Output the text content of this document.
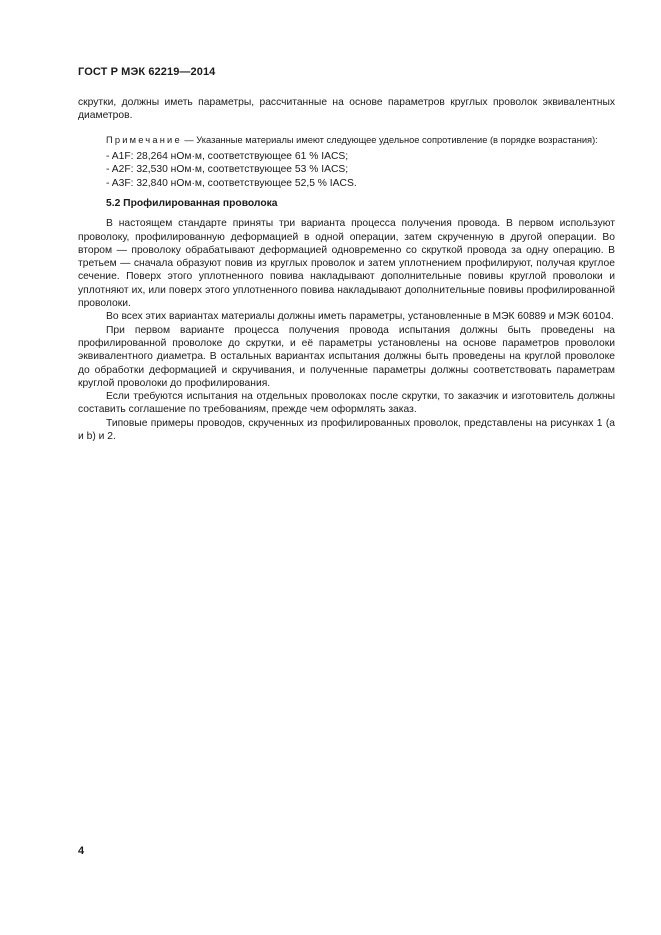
ГОСТ Р МЭК 62219—2014

скрутки, должны иметь параметры, рассчитанные на основе параметров круглых проволок эквивалентных диаметров.

Примечание — Указанные материалы имеют следующее удельное сопротивление (в порядке возрастания):
- A1F: 28,264 нОм·м, соответствующее 61 % IACS;
- A2F: 32,530 нОм·м, соответствующее 53 % IACS;
- A3F: 32,840 нОм·м, соответствующее 52,5 % IACS.
5.2 Профилированная проволока

В настоящем стандарте приняты три варианта процесса получения провода. В первом используют проволоку, профилированную деформацией в одной операции, затем скрученную в другой операции. Во втором — проволоку обрабатывают деформацией одновременно со скруткой провода за одну операцию. В третьем — сначала образуют повив из круглых проволок и затем уплотнением профилируют, получая круглое сечение. Поверх этого уплотненного повива накладывают дополнительные повивы круглой проволоки и уплотняют их, или поверх этого уплотненного повива накладывают дополнительные повивы профилированной проволоки.

Во всех этих вариантах материалы должны иметь параметры, установленные в МЭК 60889 и МЭК 60104.

При первом варианте процесса получения провода испытания должны быть проведены на профилированной проволоке до скрутки, и её параметры установлены на основе параметров проволоки эквивалентного диаметра. В остальных вариантах испытания должны быть проведены на круглой проволоке до обработки деформацией и скручивания, и полученные параметры должны соответствовать параметрам круглой проволоки до профилирования.

Если требуются испытания на отдельных проволоках после скрутки, то заказчик и изготовитель должны составить соглашение по требованиям, прежде чем оформлять заказ.

Типовые примеры проводов, скрученных из профилированных проволок, представлены на рисунках 1 (a и b) и 2.

4
